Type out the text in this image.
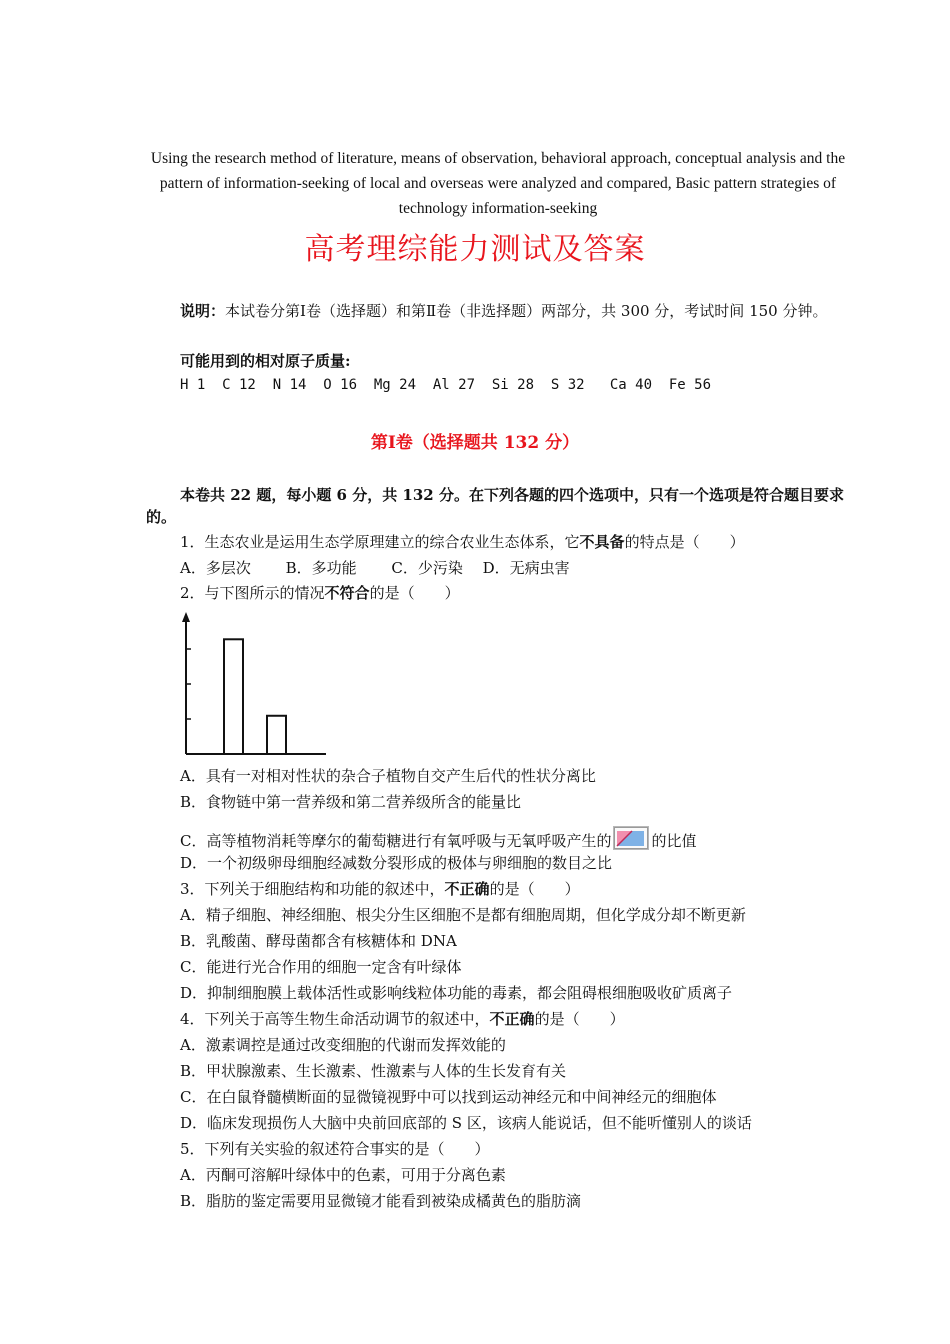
Using the research method of literature, means of observation, behavioral approach, conceptual analysis and the pattern of information-seeking of local and overseas were analyzed and compared, Basic pattern strategies of technology information-seeking
高考理综能力测试及答案
说明：本试卷分第Ⅰ卷（选择题）和第Ⅱ卷（非选择题）两部分，共 300 分，考试时间 150 分钟。
可能用到的相对原子质量:
H 1  C 12  N 14  O 16  Mg 24  Al 27  Si 28  S 32   Ca 40  Fe 56
第Ⅰ卷（选择题共 132 分）
本卷共 22 题，每小题 6 分，共 132 分。在下列各题的四个选项中，只有一个选项是符合题目要求的。
1．生态农业是运用生态学原理建立的综合农业生态体系，它不具备的特点是（　　）
A．多层次　　 B．多功能　　 C．少污染　 D．无病虫害
2．与下图所示的情况不符合的是（　　）
A．具有一对相对性状的杂合子植物自交产生后代的性状分离比
B．食物链中第一营养级和第二营养级所含的能量比
C．高等植物消耗等摩尔的葡萄糖进行有氧呼吸与无氧呼吸产生的	的比值
D．一个初级卵母细胞经减数分裂形成的极体与卵细胞的数目之比
3．下列关于细胞结构和功能的叙述中，不正确的是（　　）
A．精子细胞、神经细胞、根尖分生区细胞不是都有细胞周期，但化学成分却不断更新
B．乳酸菌、酵母菌都含有核糖体和 DNA
C．能进行光合作用的细胞一定含有叶绿体
D．抑制细胞膜上载体活性或影响线粒体功能的毒素，都会阻碍根细胞吸收矿质离子
4．下列关于高等生物生命活动调节的叙述中，不正确的是（　　）
A．激素调控是通过改变细胞的代谢而发挥效能的
B．甲状腺激素、生长激素、性激素与人体的生长发育有关
C．在白鼠脊髓横断面的显微镜视野中可以找到运动神经元和中间神经元的细胞体
D．临床发现损伤人大脑中央前回底部的 S 区，该病人能说话，但不能听懂别人的谈话
5．下列有关实验的叙述符合事实的是（　　）
A．丙酮可溶解叶绿体中的色素，可用于分离色素
B．脂肪的鉴定需要用显微镜才能看到被染成橘黄色的脂肪滴
